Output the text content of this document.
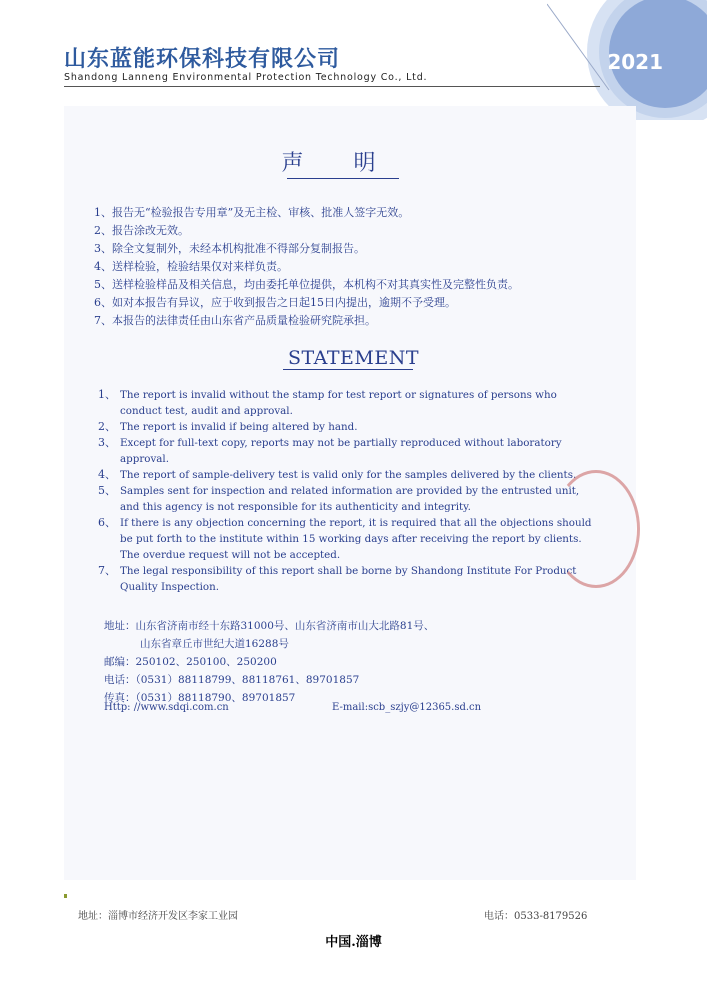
山东蓝能环保科技有限公司
Shandong Lanneng Environmental Protection Technology Co., Ltd.
2021
声明
1、报告无“检验报告专用章”及无主检、审核、批准人签字无效。
2、报告涂改无效。
3、除全文复制外，未经本机构批准不得部分复制报告。
4、送样检验，检验结果仅对来样负责。
5、送样检验样品及相关信息，均由委托单位提供，本机构不对其真实性及完整性负责。
6、如对本报告有异议，应于收到报告之日起15日内提出，逾期不予受理。
7、本报告的法律责任由山东省产品质量检验研究院承担。
STATEMENT
1、 The report is invalid without the stamp for test report or signatures of persons who conduct test, audit and approval.
2、 The report is invalid if being altered by hand.
3、 Except for full-text copy, reports may not be partially reproduced without laboratory approval.
4、 The report of sample-delivery test is valid only for the samples delivered by the clients.
5、 Samples sent for inspection and related information are provided by the entrusted unit, and this agency is not responsible for its authenticity and integrity.
6、 If there is any objection concerning the report, it is required that all the objections should be put forth to the institute within 15 working days after receiving the report by clients. The overdue request will not be accepted.
7、 The legal responsibility of this report shall be borne by Shandong Institute For Product Quality Inspection.
地址：山东省济南市经十东路31000号、山东省济南市山大北路81号、
山东省章丘市世纪大道16288号
邮编：250102、250100、250200
电话：（0531）88118799、88118761、89701857
传真：（0531）88118790、89701857
Http: //www.sdqi.com.cn	E-mail:scb_szjy@12365.sd.cn
地址：淄博市经济开发区李家工业园	电话：0533-8179526
中国.淄博
